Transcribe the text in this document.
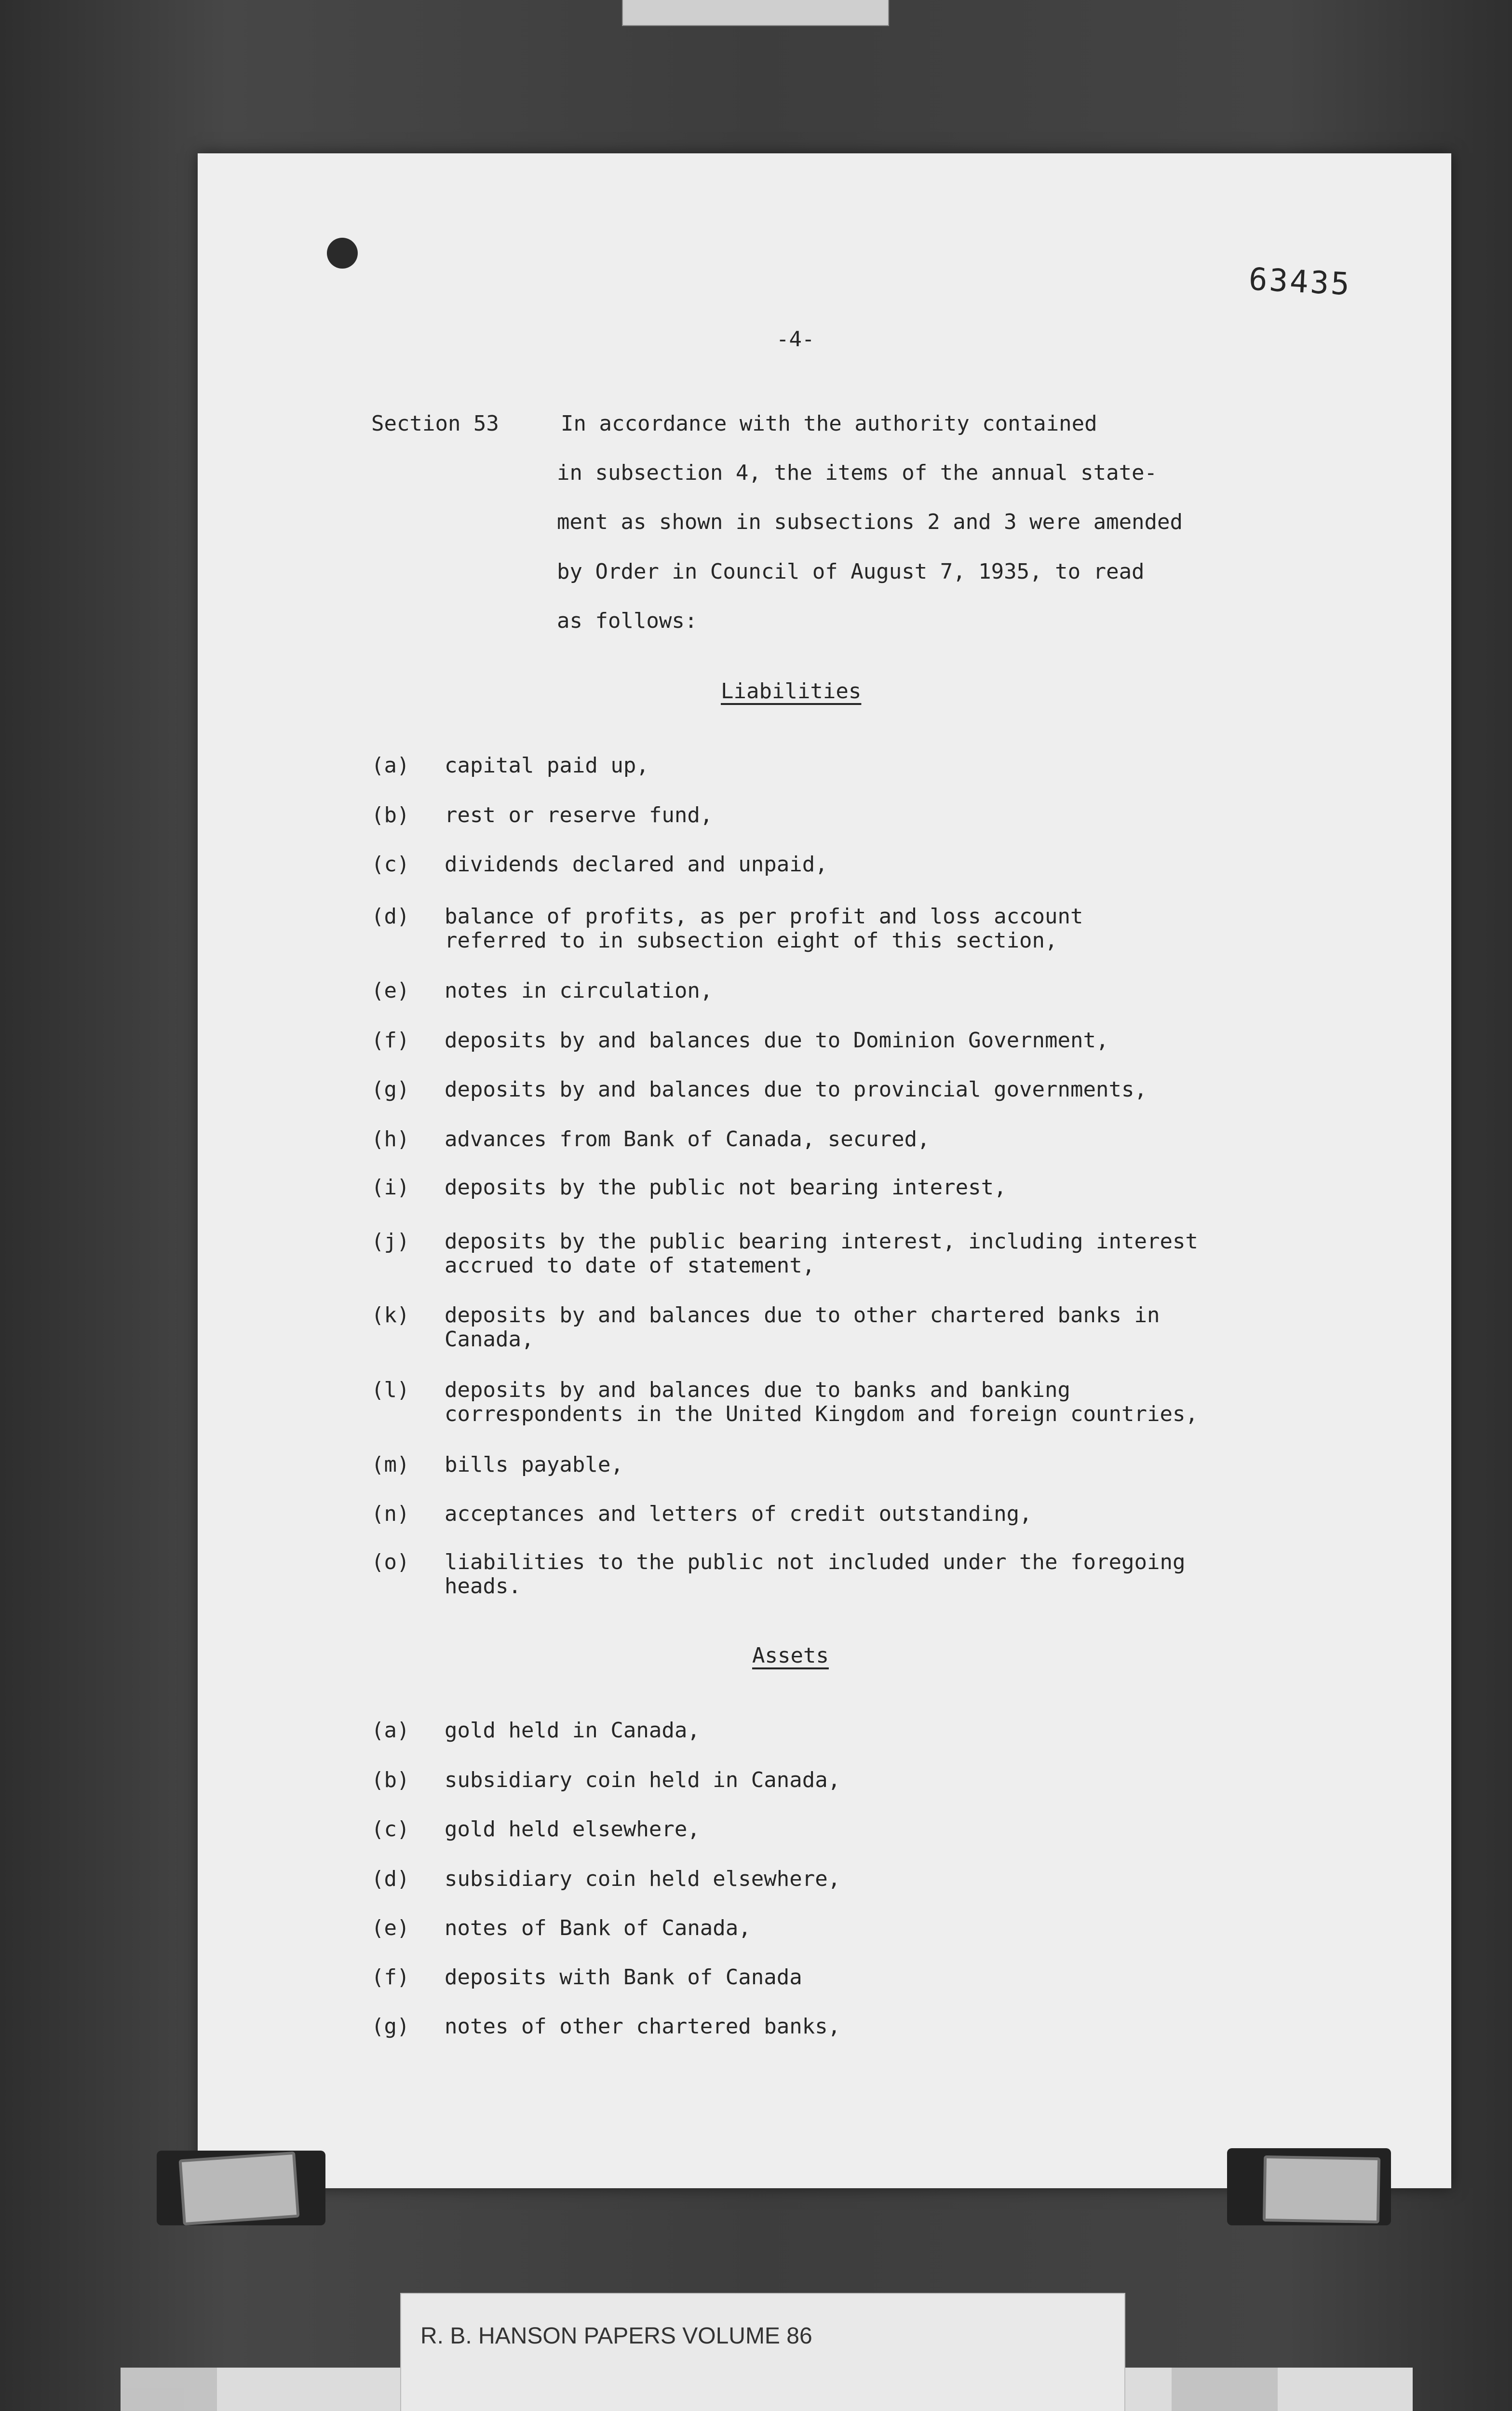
63435
-4-
Section 53	In accordance with the authority contained
in subsection 4, the items of the annual state-
ment as shown in subsections 2 and 3 were amended
by Order in Council of August 7, 1935, to read
as follows:
Liabilities
(a) capital paid up,
(b) rest or reserve fund,
(c) dividends declared and unpaid,
(d) balance of profits, as per profit and loss account
referred to in subsection eight of this section,
(e) notes in circulation,
(f) deposits by and balances due to Dominion Government,
(g) deposits by and balances due to provincial governments,
(h) advances from Bank of Canada, secured,
(i) deposits by the public not bearing interest,
(j) deposits by the public bearing interest, including interest
accrued to date of statement,
(k) deposits by and balances due to other chartered banks in
Canada,
(l) deposits by and balances due to banks and banking
correspondents in the United Kingdom and foreign countries,
(m) bills payable,
(n) acceptances and letters of credit outstanding,
(o) liabilities to the public not included under the foregoing
heads.
Assets
(a) gold held in Canada,
(b) subsidiary coin held in Canada,
(c) gold held elsewhere,
(d) subsidiary coin held elsewhere,
(e) notes of Bank of Canada,
(f) deposits with Bank of Canada
(g) notes of other chartered banks,
R. B. HANSON PAPERS VOLUME 86
